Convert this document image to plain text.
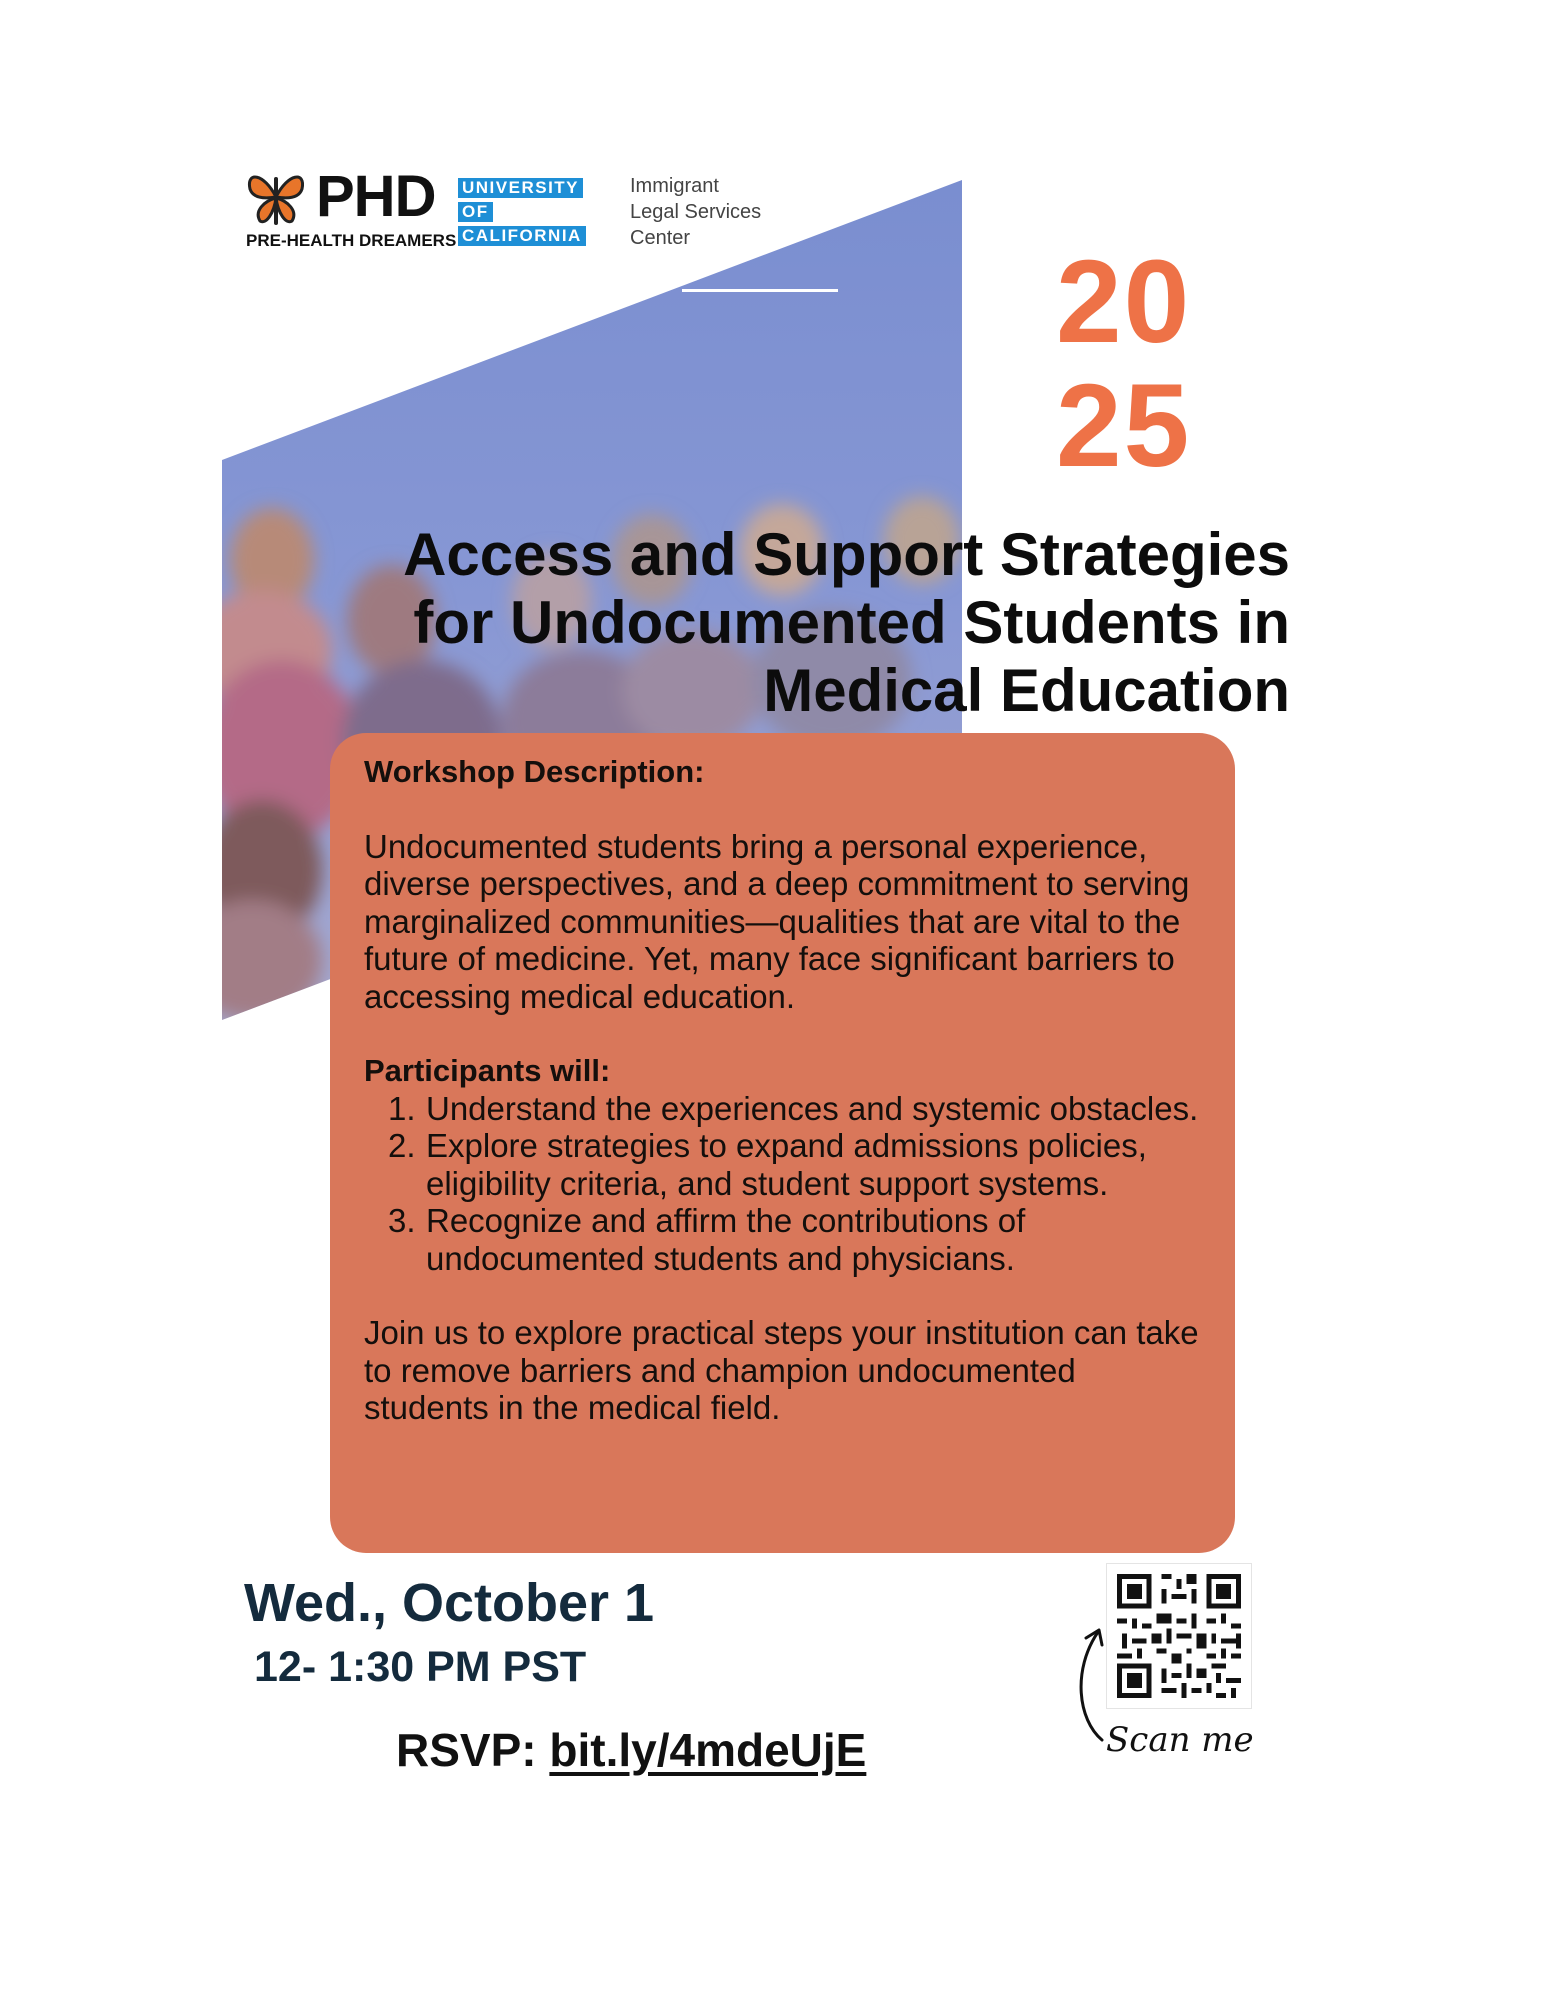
PHD
PRE-HEALTH DREAMERS
UNIVERSITY
OF
CALIFORNIA
Immigrant
Legal Services
Center	20
25
Access and Support Strategies
for Undocumented Students in
Medical Education
Workshop Description:

Undocumented students bring a personal experience, diverse perspectives, and a deep commitment to serving marginalized communities—qualities that are vital to the future of medicine. Yet, many face significant barriers to accessing medical education.

Participants will:
1. Understand the experiences and systemic obstacles.
2. Explore strategies to expand admissions policies, eligibility criteria, and student support systems.
3. Recognize and affirm the contributions of undocumented students and physicians.

Join us to explore practical steps your institution can take to remove barriers and champion undocumented students in the medical field.

Wed., October 1
12- 1:30 PM PST
RSVP: bit.ly/4mdeUjE	Scan me
